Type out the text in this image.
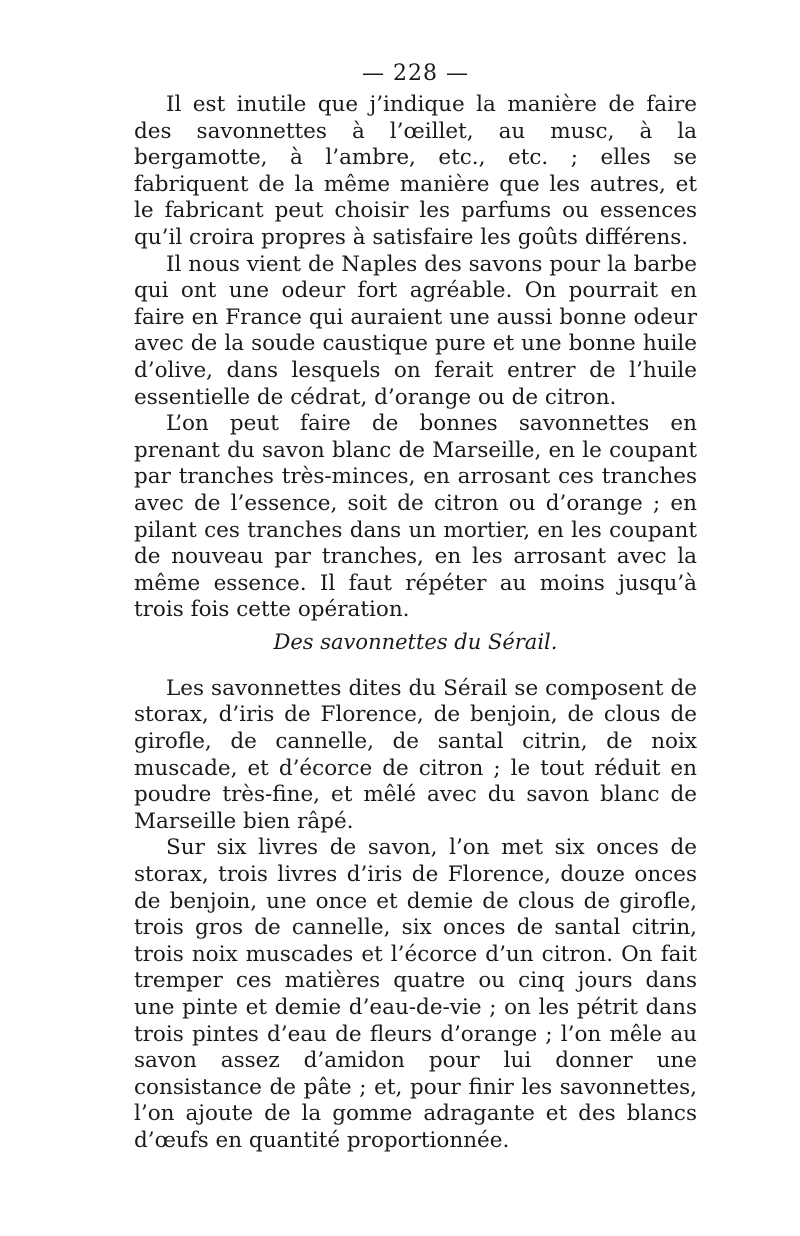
— 228 —

Il est inutile que j’indique la manière de faire des savonnettes à l’œillet, au musc, à la bergamotte, à l’ambre, etc., etc. ; elles se fabriquent de la même manière que les autres, et le fabricant peut choisir les parfums ou essences qu’il croira propres à satisfaire les goûts différens.

Il nous vient de Naples des savons pour la barbe qui ont une odeur fort agréable. On pourrait en faire en France qui auraient une aussi bonne odeur avec de la soude caustique pure et une bonne huile d’olive, dans lesquels on ferait entrer de l’huile essentielle de cédrat, d’orange ou de citron.

L’on peut faire de bonnes savonnettes en prenant du savon blanc de Marseille, en le coupant par tranches très-minces, en arrosant ces tranches avec de l’essence, soit de citron ou d’orange ; en pilant ces tranches dans un mortier, en les coupant de nouveau par tranches, en les arrosant avec la même essence. Il faut répéter au moins jusqu’à trois fois cette opération.

Des savonnettes du Sérail.

Les savonnettes dites du Sérail se composent de storax, d’iris de Florence, de benjoin, de clous de girofle, de cannelle, de santal citrin, de noix muscade, et d’écorce de citron ; le tout réduit en poudre très-fine, et mêlé avec du savon blanc de Marseille bien râpé.

Sur six livres de savon, l’on met six onces de storax, trois livres d’iris de Florence, douze onces de benjoin, une once et demie de clous de girofle, trois gros de cannelle, six onces de santal citrin, trois noix muscades et l’écorce d’un citron. On fait tremper ces matières quatre ou cinq jours dans une pinte et demie d’eau-de-vie ; on les pétrit dans trois pintes d’eau de fleurs d’orange ; l’on mêle au savon assez d’amidon pour lui donner une consistance de pâte ; et, pour finir les savonnettes, l’on ajoute de la gomme adragante et des blancs d’œufs en quantité proportionnée.
